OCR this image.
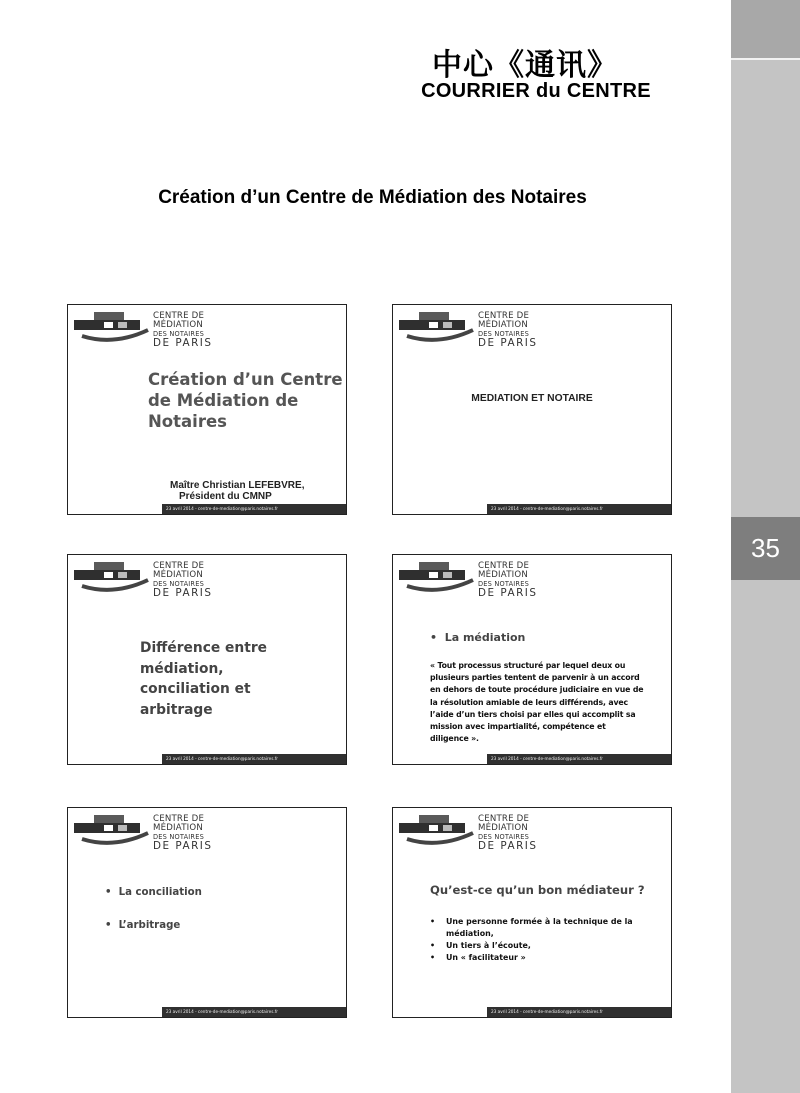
35
中心《通讯》
COURRIER du CENTRE
Création d’un Centre de Médiation des Notaires
CENTRE DE
MÉDIATION
DES NOTAIRES
DE PARIS
Création d’un Centre
de Médiation de
Notaires
Maître Christian LEFEBVRE,
Président du CMNP
23 avril 2014 - centre-de-mediation@paris.notaires.fr
CENTRE DE
MÉDIATION
DES NOTAIRES
DE PARIS
MEDIATION ET NOTAIRE
23 avril 2014 - centre-de-mediation@paris.notaires.fr
CENTRE DE
MÉDIATION
DES NOTAIRES
DE PARIS
Différence entre
médiation,
conciliation et
arbitrage
23 avril 2014 - centre-de-mediation@paris.notaires.fr
CENTRE DE
MÉDIATION
DES NOTAIRES
DE PARIS
•  La médiation
« Tout processus structuré par lequel deux ou
plusieurs parties tentent de parvenir à un accord
en dehors de toute procédure judiciaire en vue de
la résolution amiable de leurs différends, avec
l’aide d’un tiers choisi par elles qui accomplit sa
mission avec impartialité, compétence et
diligence ».
23 avril 2014 - centre-de-mediation@paris.notaires.fr
CENTRE DE
MÉDIATION
DES NOTAIRES
DE PARIS
•  La conciliation
•  L’arbitrage
23 avril 2014 - centre-de-mediation@paris.notaires.fr
CENTRE DE
MÉDIATION
DES NOTAIRES
DE PARIS
Qu’est-ce qu’un bon médiateur ?
• Une personne formée à la technique de la
médiation,
• Un tiers à l’écoute,
• Un « facilitateur »
23 avril 2014 - centre-de-mediation@paris.notaires.fr
